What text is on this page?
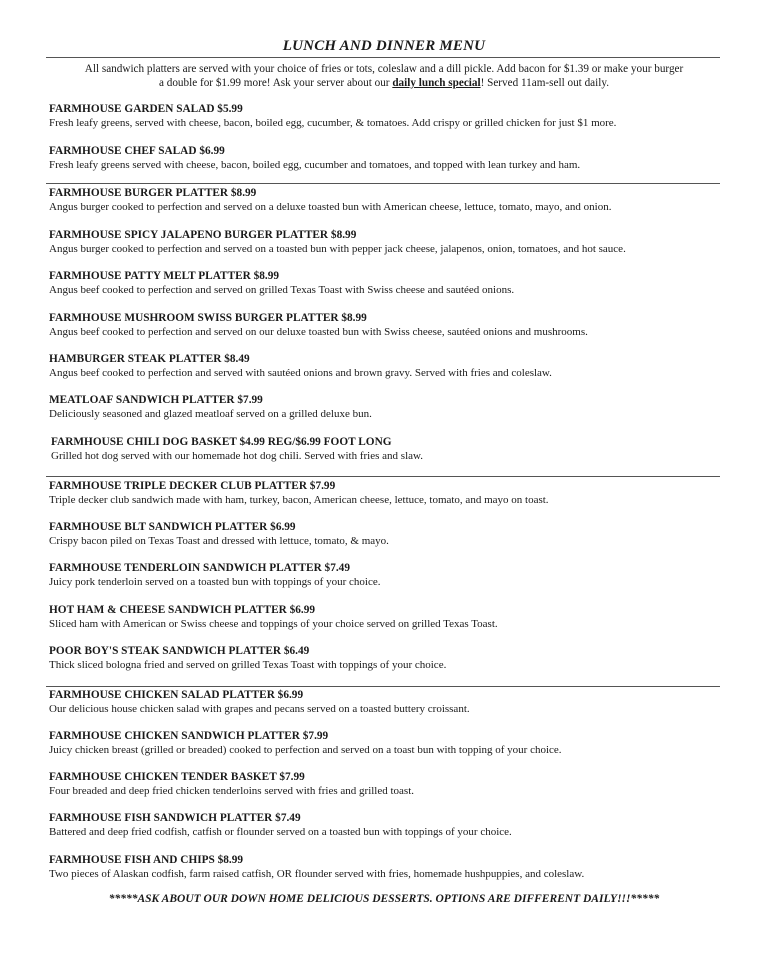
LUNCH AND DINNER MENU
All sandwich platters are served with your choice of fries or tots, coleslaw and a dill pickle. Add bacon for $1.39 or make your burger
a double for $1.99 more! Ask your server about our daily lunch special! Served 11am-sell out daily.
FARMHOUSE GARDEN SALAD $5.99
Fresh leafy greens, served with cheese, bacon, boiled egg, cucumber, & tomatoes. Add crispy or grilled chicken for just $1 more.
FARMHOUSE CHEF SALAD $6.99
Fresh leafy greens served with cheese, bacon, boiled egg, cucumber and tomatoes, and topped with lean turkey and ham.
FARMHOUSE BURGER PLATTER $8.99
Angus burger cooked to perfection and served on a deluxe toasted bun with American cheese, lettuce, tomato, mayo, and onion.
FARMHOUSE SPICY JALAPENO BURGER PLATTER $8.99
Angus burger cooked to perfection and served on a toasted bun with pepper jack cheese, jalapenos, onion, tomatoes, and hot sauce.
FARMHOUSE PATTY MELT PLATTER $8.99
Angus beef cooked to perfection and served on grilled Texas Toast with Swiss cheese and sautéed onions.
FARMHOUSE MUSHROOM SWISS BURGER PLATTER $8.99
Angus beef cooked to perfection and served on our deluxe toasted bun with Swiss cheese, sautéed onions and mushrooms.
HAMBURGER STEAK PLATTER $8.49
Angus beef cooked to perfection and served with sautéed onions and brown gravy. Served with fries and coleslaw.
MEATLOAF SANDWICH PLATTER $7.99
Deliciously seasoned and glazed meatloaf served on a grilled deluxe bun.
FARMHOUSE CHILI DOG BASKET $4.99 REG/$6.99 FOOT LONG
Grilled hot dog served with our homemade hot dog chili. Served with fries and slaw.
FARMHOUSE TRIPLE DECKER CLUB PLATTER $7.99
Triple decker club sandwich made with ham, turkey, bacon, American cheese, lettuce, tomato, and mayo on toast.
FARMHOUSE BLT SANDWICH PLATTER $6.99
Crispy bacon piled on Texas Toast and dressed with lettuce, tomato, & mayo.
FARMHOUSE TENDERLOIN SANDWICH PLATTER $7.49
Juicy pork tenderloin served on a toasted bun with toppings of your choice.
HOT HAM & CHEESE SANDWICH PLATTER $6.99
Sliced ham with American or Swiss cheese and toppings of your choice served on grilled Texas Toast.
POOR BOY'S STEAK SANDWICH PLATTER $6.49
Thick sliced bologna fried and served on grilled Texas Toast with toppings of your choice.
FARMHOUSE CHICKEN SALAD PLATTER $6.99
Our delicious house chicken salad with grapes and pecans served on a toasted buttery croissant.
FARMHOUSE CHICKEN SANDWICH PLATTER $7.99
Juicy chicken breast (grilled or breaded) cooked to perfection and served on a toast bun with topping of your choice.
FARMHOUSE CHICKEN TENDER BASKET $7.99
Four breaded and deep fried chicken tenderloins served with fries and grilled toast.
FARMHOUSE FISH SANDWICH PLATTER $7.49
Battered and deep fried codfish, catfish or flounder served on a toasted bun with toppings of your choice.
FARMHOUSE FISH AND CHIPS $8.99
Two pieces of Alaskan codfish, farm raised catfish, OR flounder served with fries, homemade hushpuppies, and coleslaw.
*****ASK ABOUT OUR DOWN HOME DELICIOUS DESSERTS. OPTIONS ARE DIFFERENT DAILY!!!*****
